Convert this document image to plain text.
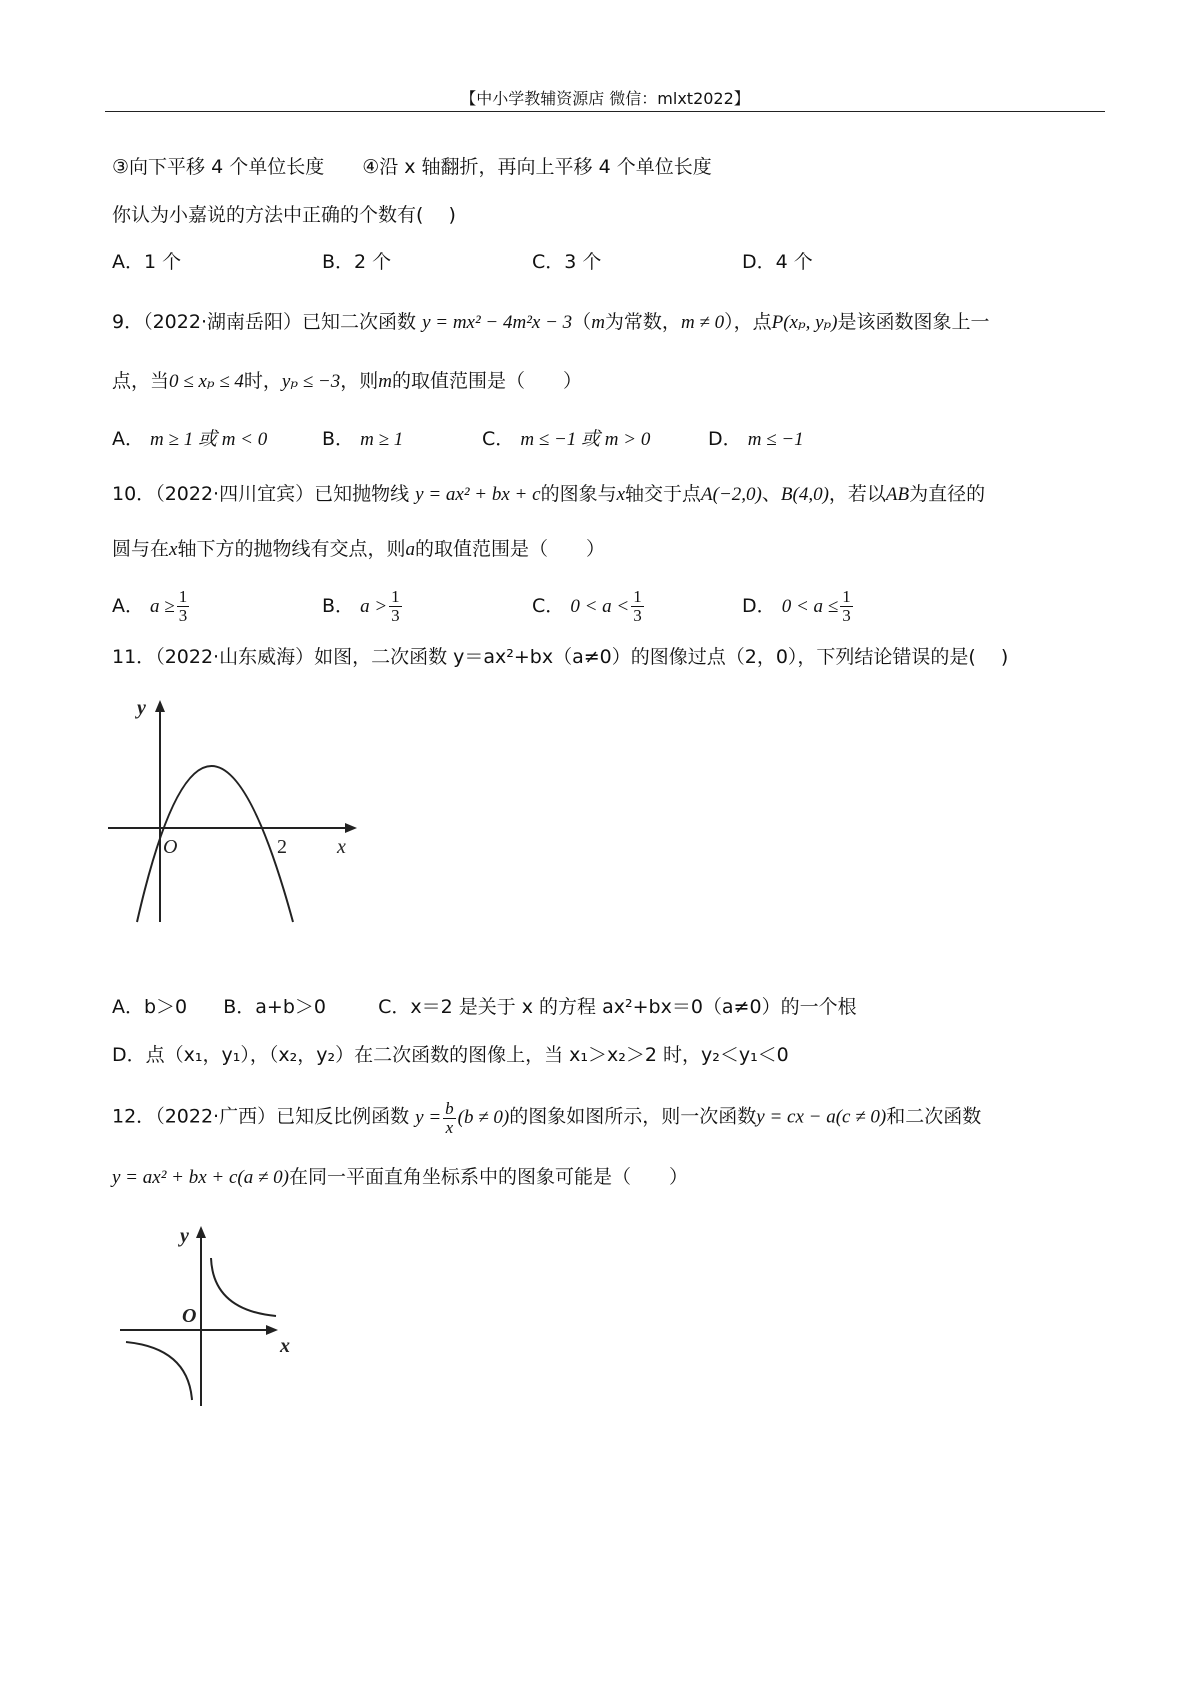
【中小学教辅资源店 微信：mlxt2022】
③向下平移 4 个单位长度　　④沿 x 轴翻折，再向上平移 4 个单位长度
你认为小嘉说的方法中正确的个数有(　 )
A．1 个	B．2 个	C．3 个	D．4 个
9．（2022·湖南岳阳）已知二次函数 y = mx² − 4m²x − 3（m为常数，m ≠ 0），点P(xₚ, yₚ)是该函数图象上一
点，当0 ≤ xₚ ≤ 4时，yₚ ≤ −3，则m的取值范围是（　　）
A． m ≥ 1 或 m < 0	B． m ≥ 1	C． m ≤ −1 或 m > 0	D． m ≤ −1
10．（2022·四川宜宾）已知抛物线 y = ax² + bx + c的图象与x轴交于点A(−2,0)、B(4,0)，若以AB为直径的
圆与在x轴下方的抛物线有交点，则a的取值范围是（　　）
A． $a \ge \frac{1}{3}$	B． $a > \frac{1}{3}$	C． $0 < a < \frac{1}{3}$	D． $0 < a \le \frac{1}{3}$
11．（2022·山东威海）如图，二次函数 y＝ax²+bx（a≠0）的图像过点（2，0），下列结论错误的是(　 )
y
x
O	2
A．b＞0 B．a+b＞0	C．x＝2 是关于 x 的方程 ax²+bx＝0（a≠0）的一个根
D．点（x₁，y₁），（x₂，y₂）在二次函数的图像上，当 x₁＞x₂＞2 时，y₂＜y₁＜0
12．（2022·广西）已知反比例函数 $y = \frac{b}{x} (b \ne 0)$的图象如图所示，则一次函数y = cx − a(c ≠ 0)和二次函数
y = ax² + bx + c(a ≠ 0)在同一平面直角坐标系中的图象可能是（　　）
y
x
O
